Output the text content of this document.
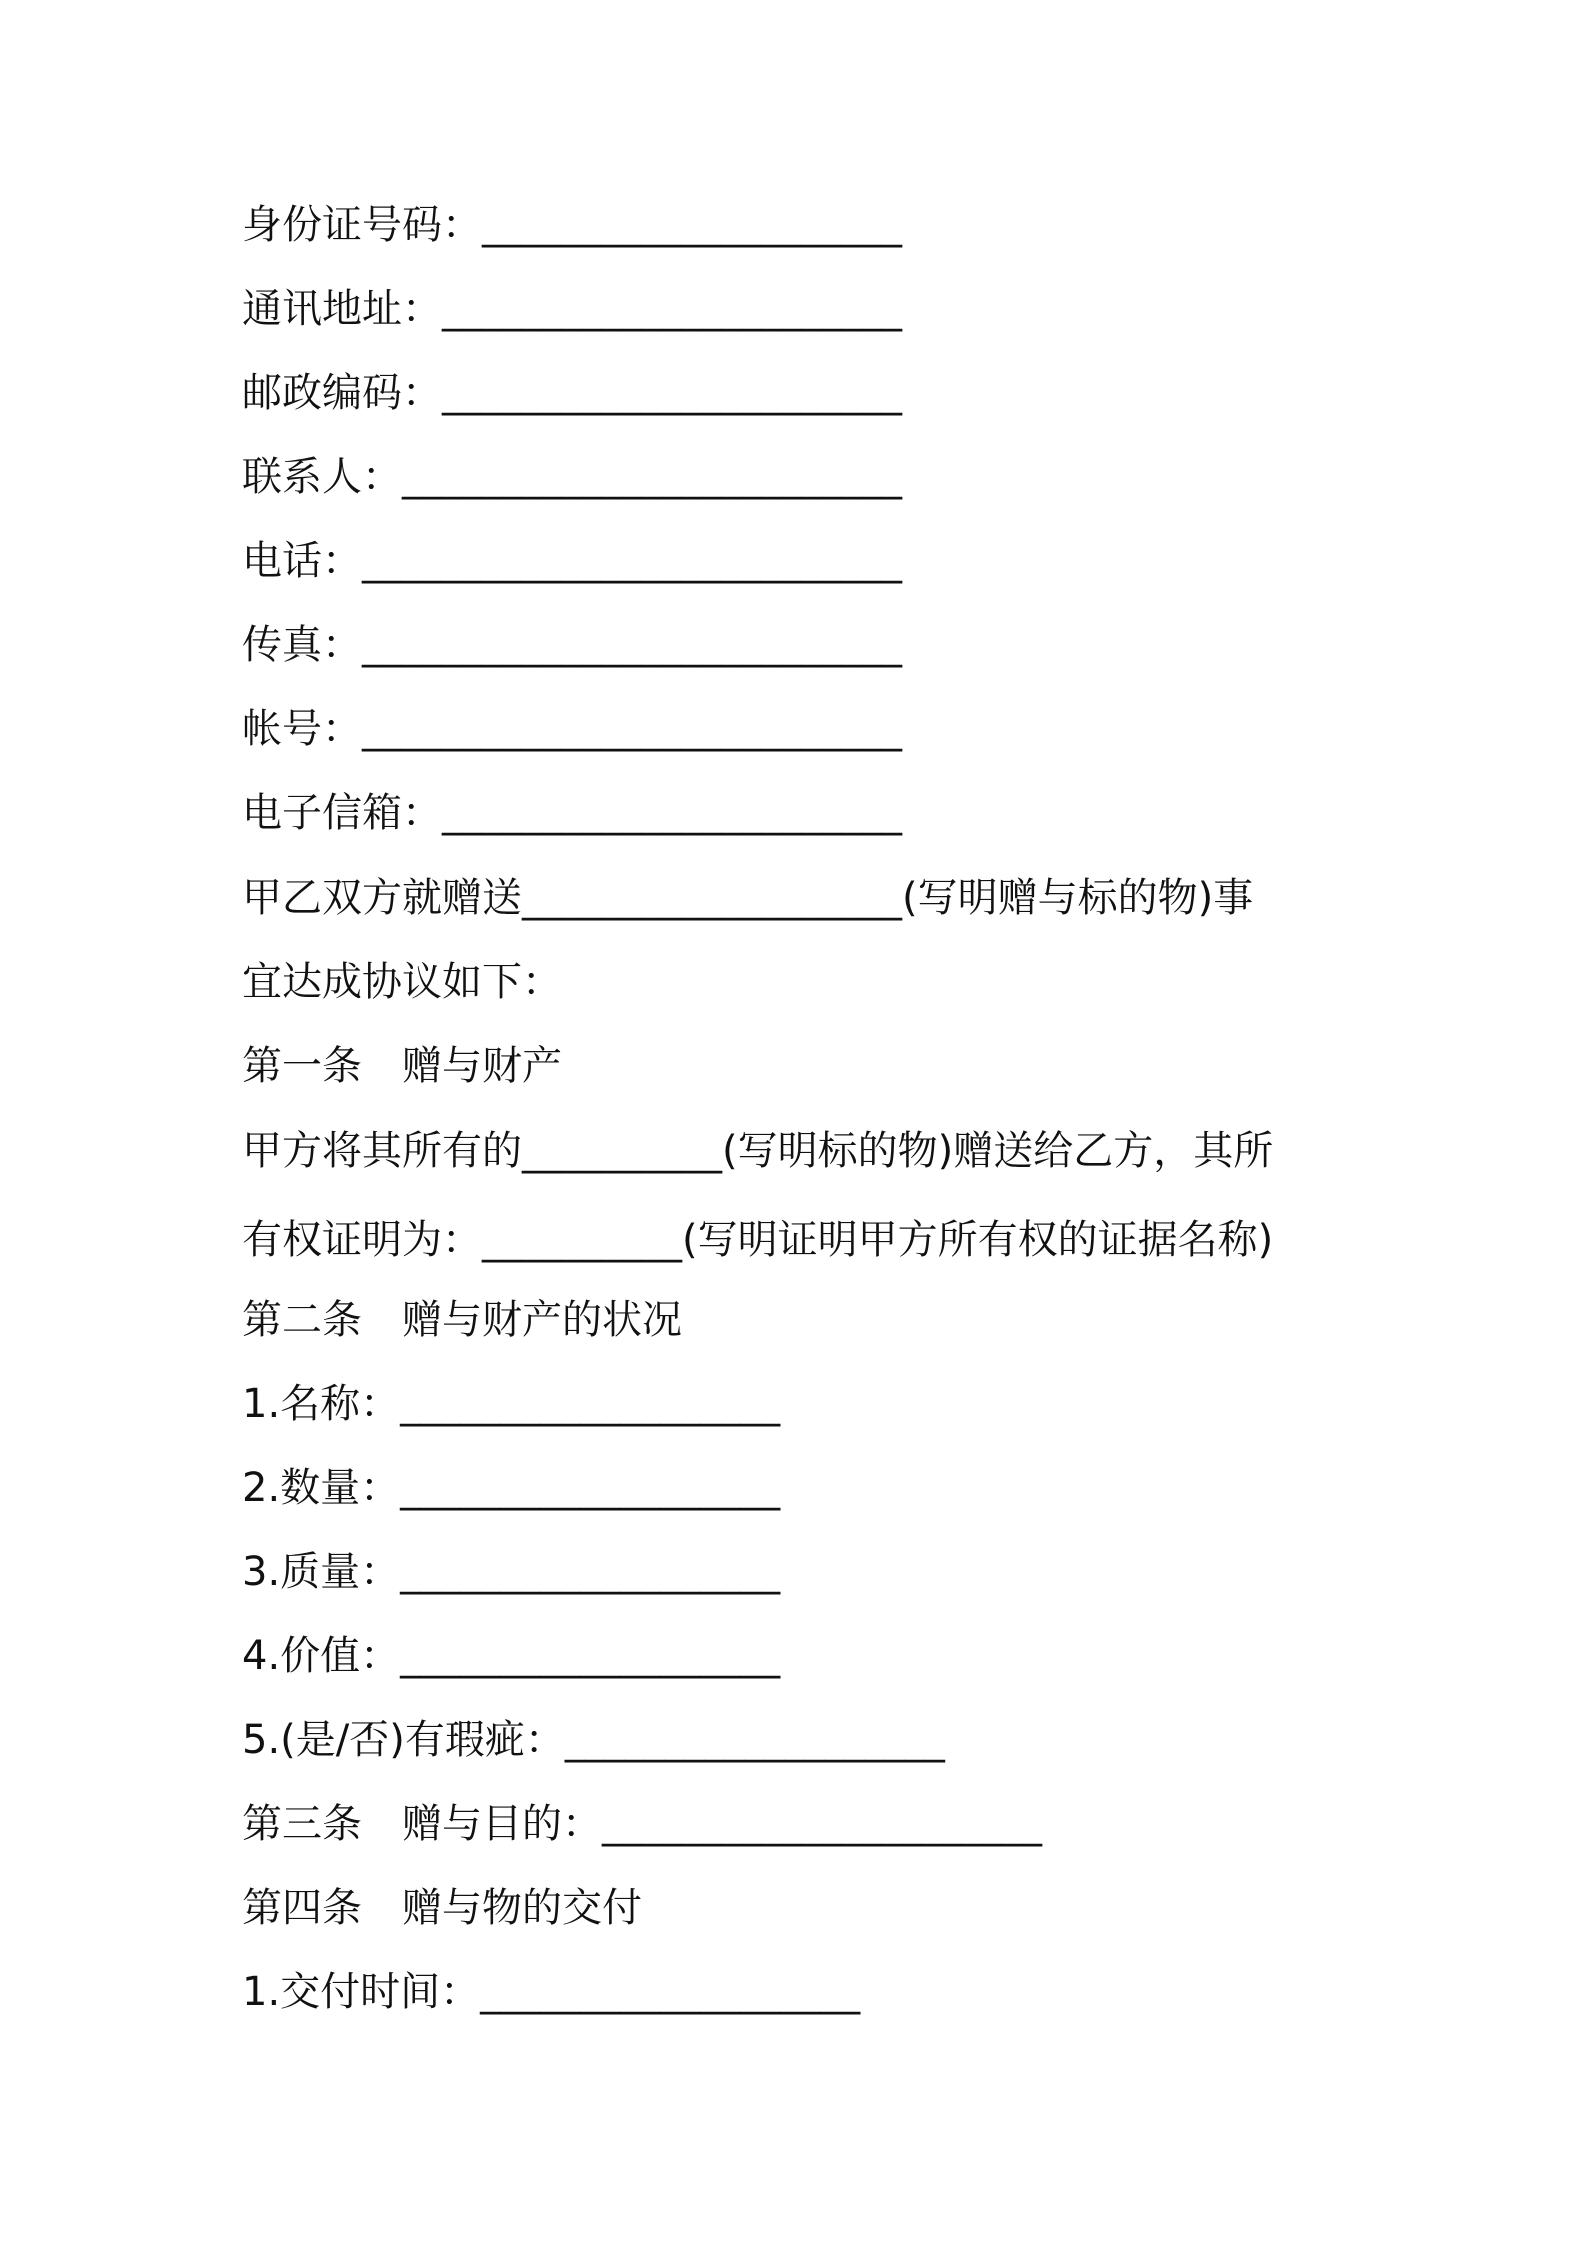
身份证号码：_____________________
通讯地址：_______________________
邮政编码：_______________________
联系人：_________________________
电话：___________________________
传真：___________________________
帐号：___________________________
电子信箱：_______________________
甲乙双方就赠送___________________(写明赠与标的物)事
宜达成协议如下：
第一条　赠与财产
甲方将其所有的__________(写明标的物)赠送给乙方，其所
有权证明为：__________(写明证明甲方所有权的证据名称)
第二条　赠与财产的状况
1.名称：___________________
2.数量：___________________
3.质量：___________________
4.价值：___________________
5.(是/否)有瑕疵：___________________
第三条　赠与目的：______________________
第四条　赠与物的交付
1.交付时间：___________________
